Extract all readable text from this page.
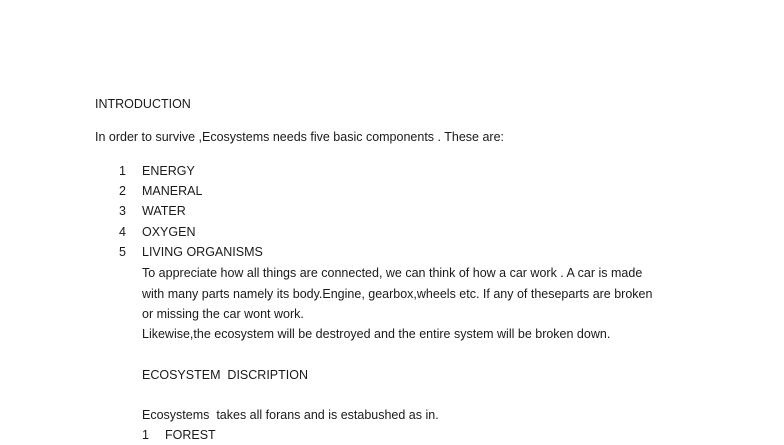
INTRODUCTION
In order to survive ,Ecosystems needs five basic components . These are:
1 ENERGY
2 MANERAL
3 WATER
4 OXYGEN
5 LIVING ORGANISMS
To appreciate how all things are connected, we can think of how a car work . A car is made
with many parts namely its body.Engine, gearbox,wheels etc. If any of theseparts are broken
or missing the car wont work.
Likewise,the ecosystem will be destroyed and the entire system will be broken down.
ECOSYSTEM  DISCRIPTION
Ecosystems  takes all forans and is estabushed as in.
1 FOREST
